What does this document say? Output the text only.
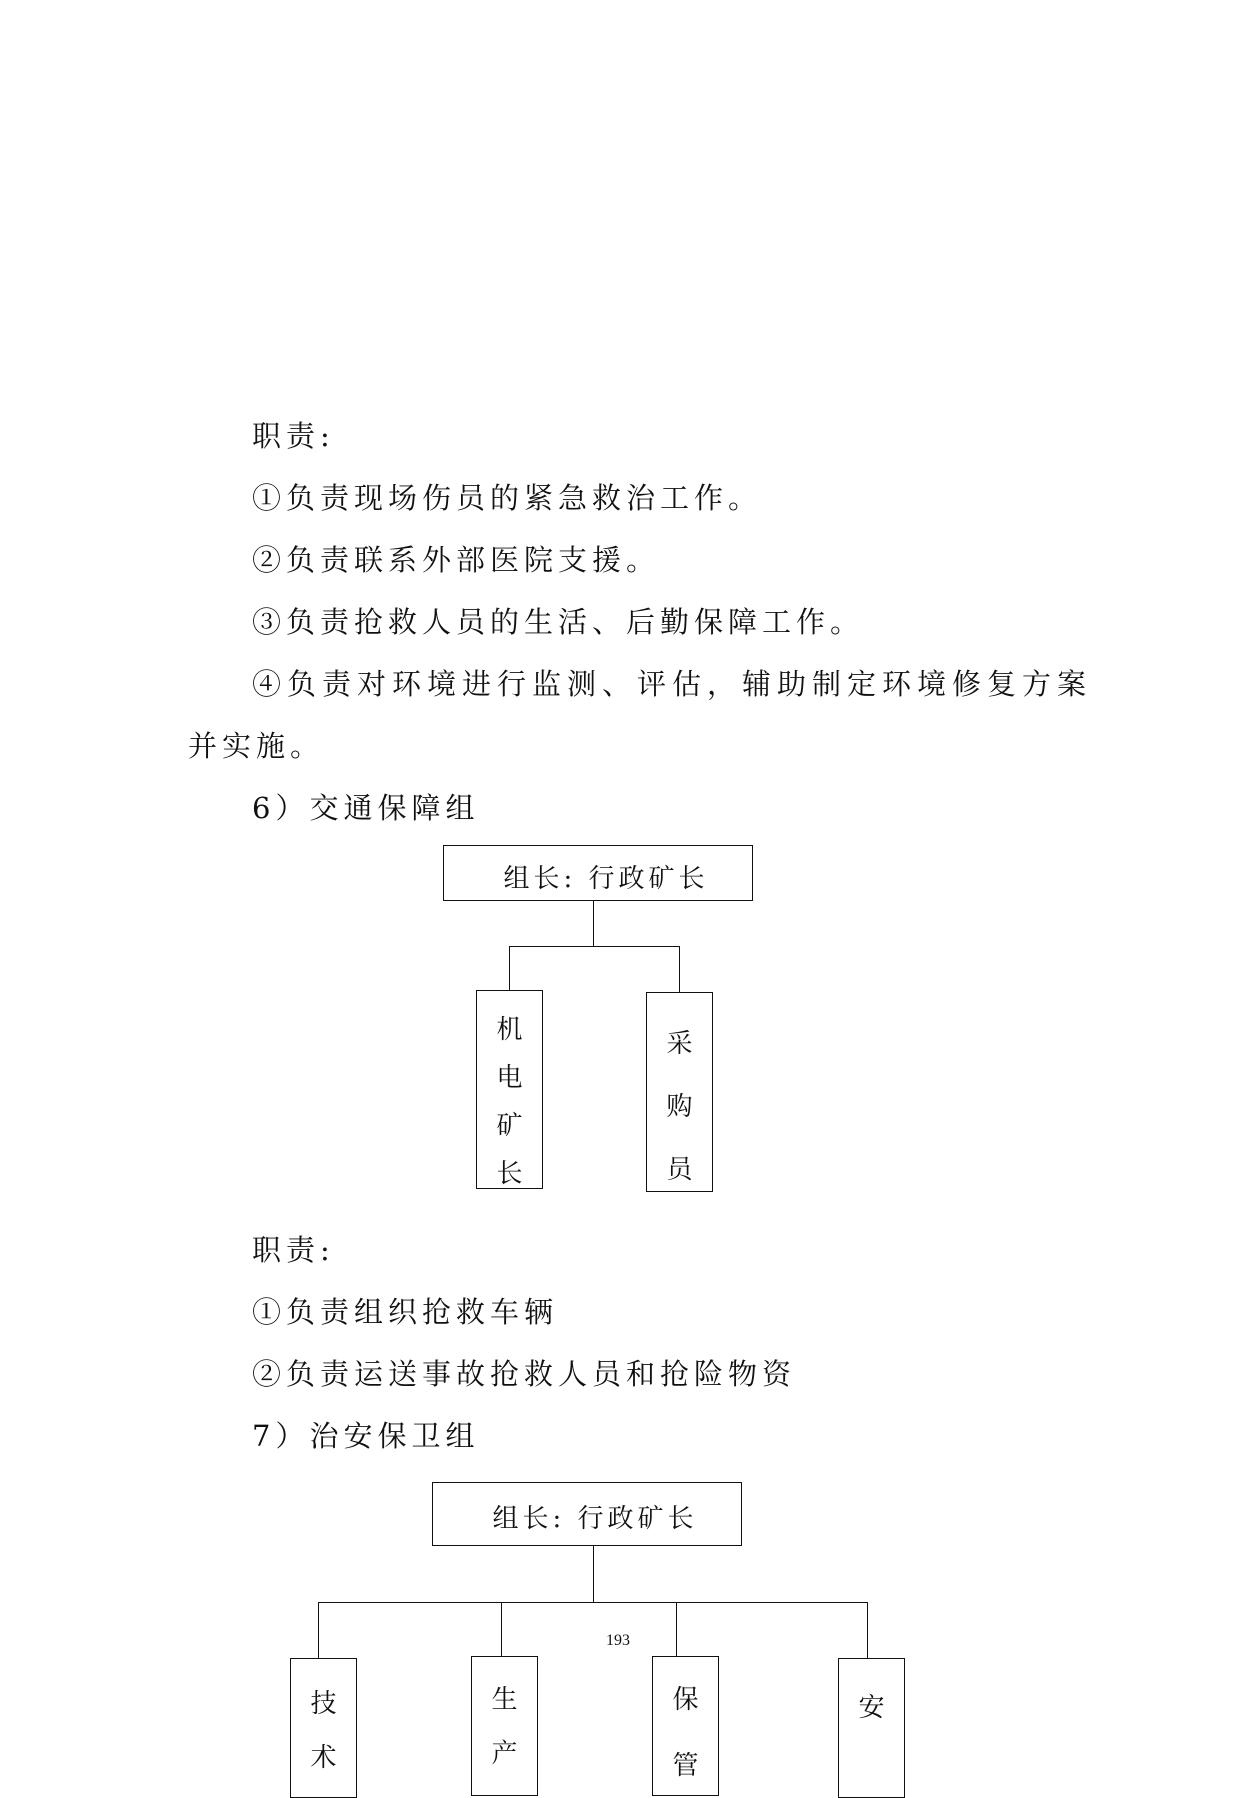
职责:
①负责现场伤员的紧急救治工作。
②负责联系外部医院支援。
③负责抢救人员的生活、后勤保障工作。
④负责对环境进行监测、评估，辅助制定环境修复方案
并实施。
6）交通保障组
组长: 行政矿长
机
电
矿
长
采
购
员
职责:
①负责组织抢救车辆
②负责运送事故抢救人员和抢险物资
7）治安保卫组
组长: 行政矿长
技
术
生
产
保
管
安
193
